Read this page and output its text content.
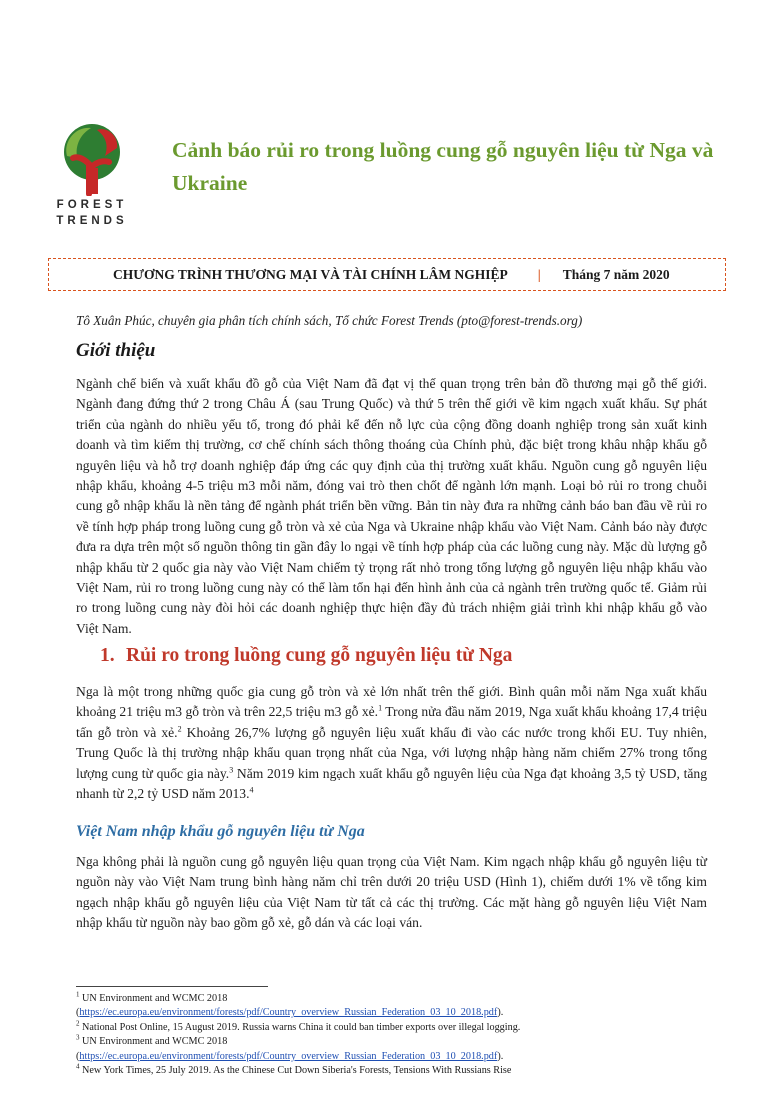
FOREST
TRENDS
Cảnh báo rủi ro trong luồng cung gỗ nguyên liệu từ Nga và Ukraine
CHƯƠNG TRÌNH THƯƠNG MẠI VÀ TÀI CHÍNH LÂM NGHIỆP | Tháng 7 năm 2020
Tô Xuân Phúc, chuyên gia phân tích chính sách, Tổ chức Forest Trends (pto@forest-trends.org)
Giới thiệu
Ngành chế biến và xuất khẩu đồ gỗ của Việt Nam đã đạt vị thế quan trọng trên bản đồ thương mại gỗ thế giới. Ngành đang đứng thứ 2 trong Châu Á (sau Trung Quốc) và thứ 5 trên thế giới về kim ngạch xuất khẩu. Sự phát triển của ngành do nhiều yếu tố, trong đó phải kể đến nỗ lực của cộng đồng doanh nghiệp trong sản xuất kinh doanh và tìm kiếm thị trường, cơ chế chính sách thông thoáng của Chính phủ, đặc biệt trong khâu nhập khẩu gỗ nguyên liệu và hỗ trợ doanh nghiệp đáp ứng các quy định của thị trường xuất khẩu. Nguồn cung gỗ nguyên liệu nhập khẩu, khoảng 4-5 triệu m3 mỗi năm, đóng vai trò then chốt để ngành lớn mạnh. Loại bỏ rủi ro trong chuỗi cung gỗ nhập khẩu là nền tảng để ngành phát triển bền vững. Bản tin này đưa ra những cảnh báo ban đầu về rủi ro về tính hợp pháp trong luồng cung gỗ tròn và xẻ của Nga và Ukraine nhập khẩu vào Việt Nam. Cảnh báo này được đưa ra dựa trên một số nguồn thông tin gần đây lo ngại về tính hợp pháp của các luồng cung này. Mặc dù lượng gỗ nhập khẩu từ 2 quốc gia này vào Việt Nam chiếm tỷ trọng rất nhỏ trong tổng lượng gỗ nguyên liệu nhập khẩu vào Việt Nam, rủi ro trong luồng cung này có thể làm tổn hại đến hình ảnh của cả ngành trên trường quốc tế. Giảm rủi ro trong luồng cung này đòi hỏi các doanh nghiệp thực hiện đầy đủ trách nhiệm giải trình khi nhập khẩu gỗ vào Việt Nam.
1. Rủi ro trong luồng cung gỗ nguyên liệu từ Nga
Nga là một trong những quốc gia cung gỗ tròn và xẻ lớn nhất trên thế giới. Bình quân mỗi năm Nga xuất khẩu khoảng 21 triệu m3 gỗ tròn và trên 22,5 triệu m3 gỗ xẻ.$^1$ Trong nửa đầu năm 2019, Nga xuất khẩu khoảng 17,4 triệu tấn gỗ tròn và xẻ.$^2$ Khoảng 26,7% lượng gỗ nguyên liệu xuất khẩu đi vào các nước trong khối EU. Tuy nhiên, Trung Quốc là thị trường nhập khẩu quan trọng nhất của Nga, với lượng nhập hàng năm chiếm 27% trong tổng lượng cung từ quốc gia này.$^3$ Năm 2019 kim ngạch xuất khẩu gỗ nguyên liệu của Nga đạt khoảng 3,5 tỷ USD, tăng nhanh từ 2,2 tỷ USD năm 2013.$^4$
Việt Nam nhập khẩu gỗ nguyên liệu từ Nga
Nga không phải là nguồn cung gỗ nguyên liệu quan trọng của Việt Nam. Kim ngạch nhập khẩu gỗ nguyên liệu từ nguồn này vào Việt Nam trung bình hàng năm chỉ trên dưới 20 triệu USD (Hình 1), chiếm dưới 1% về tổng kim ngạch nhập khẩu gỗ nguyên liệu của Việt Nam từ tất cả các thị trường. Các mặt hàng gỗ nguyên liệu Việt Nam nhập khẩu từ nguồn này bao gồm gỗ xẻ, gỗ dán và các loại ván.
$^1$ UN Environment and WCMC 2018
(https://ec.europa.eu/environment/forests/pdf/Country_overview_Russian_Federation_03_10_2018.pdf).
$^2$ National Post Online, 15 August 2019. Russia warns China it could ban timber exports over illegal logging.
$^3$ UN Environment and WCMC 2018
(https://ec.europa.eu/environment/forests/pdf/Country_overview_Russian_Federation_03_10_2018.pdf).
$^4$ New York Times, 25 July 2019. As the Chinese Cut Down Siberia's Forests, Tensions With Russians Rise
